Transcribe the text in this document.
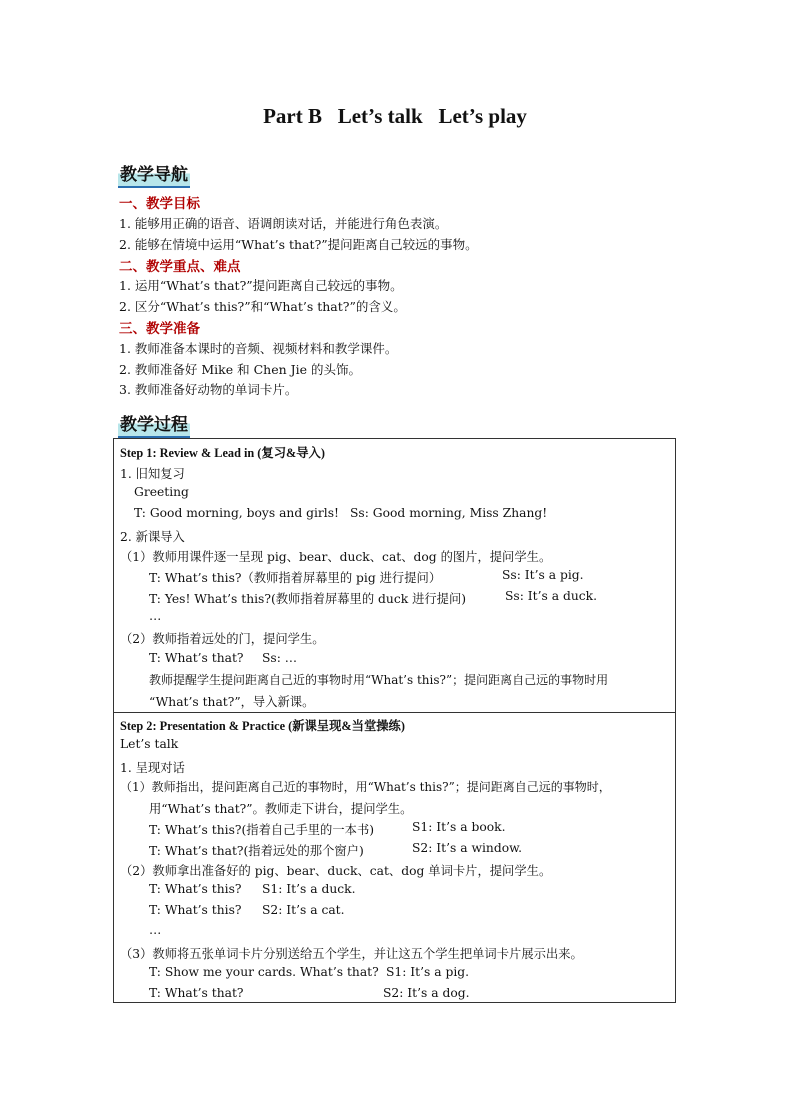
Part B   Let’s talk   Let’s play
教学导航
一、教学目标
1. 能够用正确的语音、语调朗读对话，并能进行角色表演。
2. 能够在情境中运用“What’s that?”提问距离自己较远的事物。
二、教学重点、难点
1. 运用“What’s that?”提问距离自己较远的事物。
2. 区分“What’s this?”和“What’s that?”的含义。
三、教学准备
1. 教师准备本课时的音频、视频材料和教学课件。
2. 教师准备好 Mike 和 Chen Jie 的头饰。
3. 教师准备好动物的单词卡片。
教学过程
Step 1: Review & Lead in (复习&导入)
1. 旧知复习
Greeting
T: Good morning, boys and girls! Ss: Good morning, Miss Zhang!
2. 新课导入
（1）教师用课件逐一呈现 pig、bear、duck、cat、dog 的图片，提问学生。
T: What’s this?（教师指着屏幕里的 pig 进行提问）	Ss: It’s a pig.
T: Yes! What’s this?(教师指着屏幕里的 duck 进行提问)	Ss: It’s a duck.
…
（2）教师指着远处的门，提问学生。
T: What’s that? Ss: …
教师提醒学生提问距离自己近的事物时用“What’s this?”；提问距离自己远的事物时用
“What’s that?”，导入新课。
Step 2: Presentation & Practice (新课呈现&当堂操练)
Let’s talk
1. 呈现对话
（1）教师指出，提问距离自己近的事物时，用“What’s this?”；提问距离自己远的事物时，
用“What’s that?”。教师走下讲台，提问学生。
T: What’s this?(指着自己手里的一本书)	S1: It’s a book.
T: What’s that?(指着远处的那个窗户)	S2: It’s a window.
（2）教师拿出准备好的 pig、bear、duck、cat、dog 单词卡片，提问学生。
T: What’s this? S1: It’s a duck.
T: What’s this? S2: It’s a cat.
…
（3）教师将五张单词卡片分别送给五个学生，并让这五个学生把单词卡片展示出来。
T: Show me your cards. What’s that? S1: It’s a pig.
T: What’s that?	S2: It’s a dog.
